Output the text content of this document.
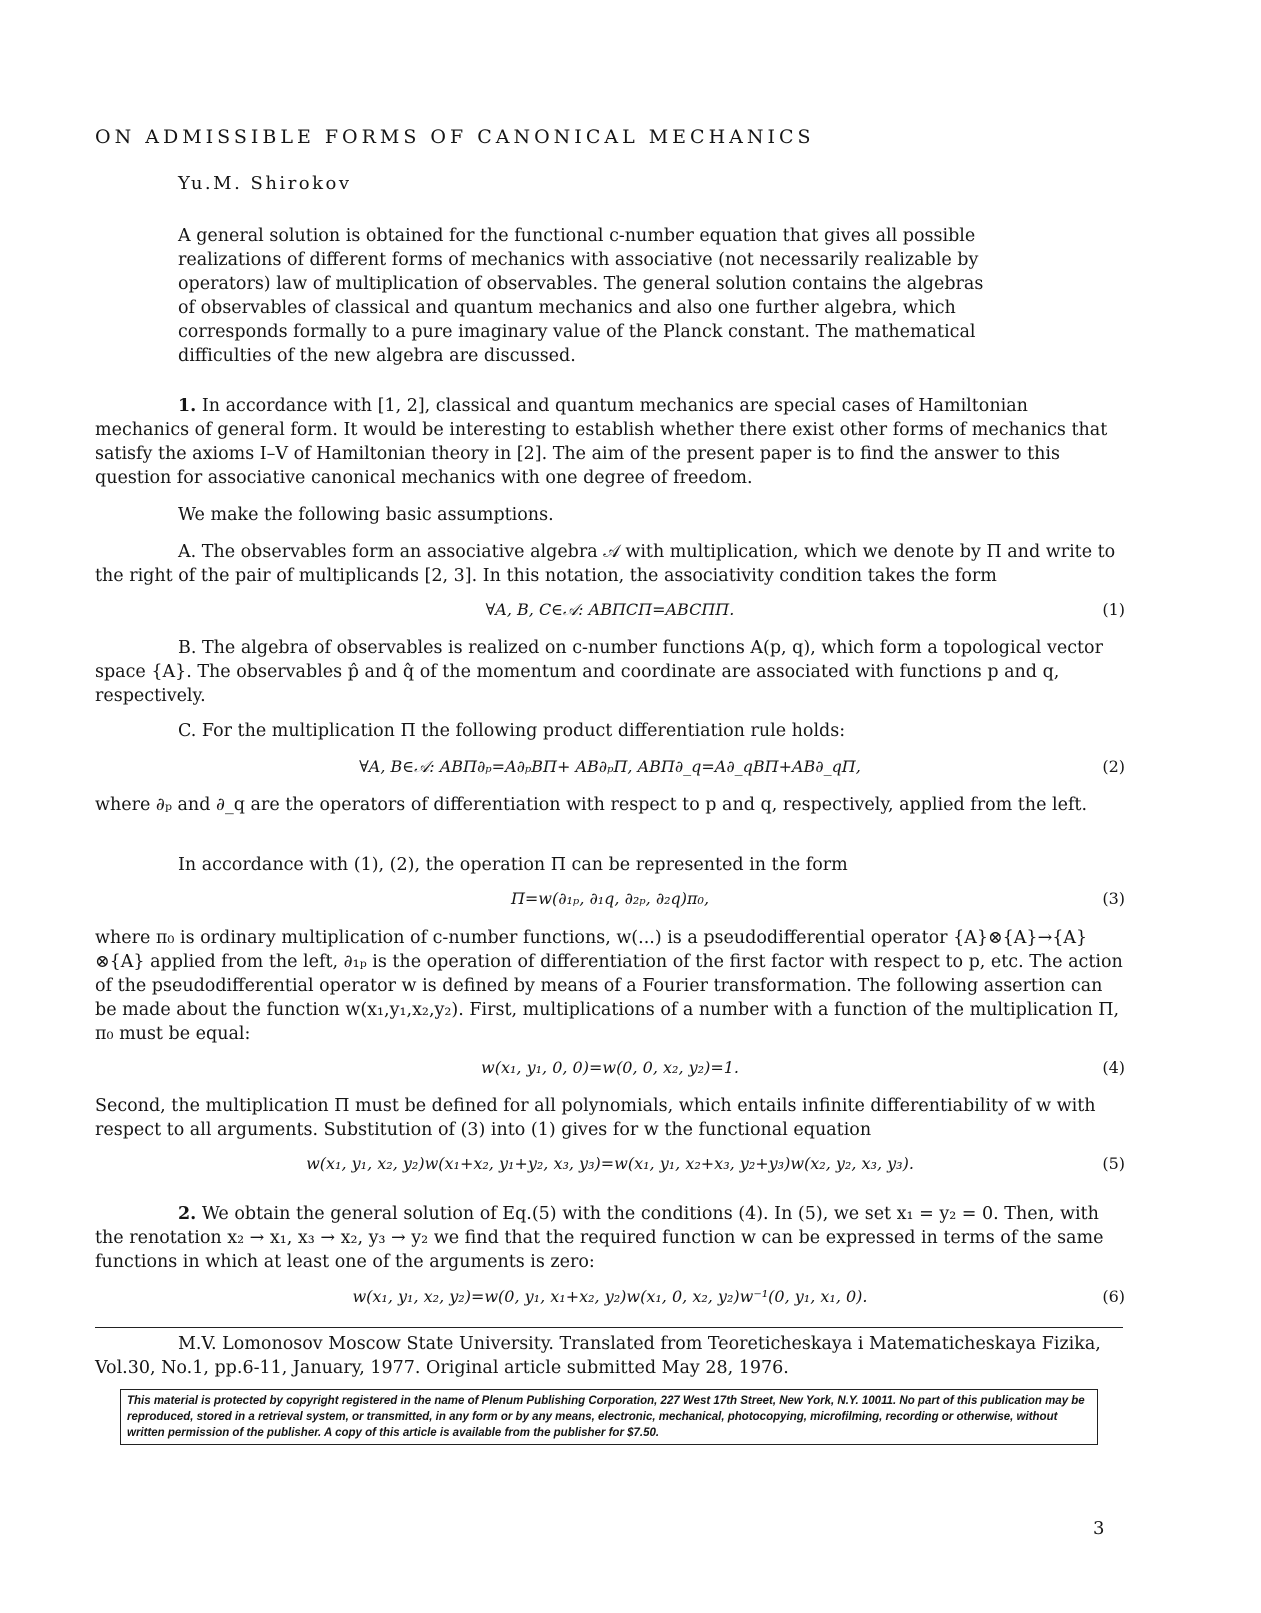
ON ADMISSIBLE FORMS OF CANONICAL MECHANICS
Yu.M. Shirokov
A general solution is obtained for the functional c-number equation that gives all possible realizations of different forms of mechanics with associative (not necessarily realizable by operators) law of multiplication of observables. The general solution contains the algebras of observables of classical and quantum mechanics and also one further algebra, which corresponds formally to a pure imaginary value of the Planck constant. The mathematical difficulties of the new algebra are discussed.
1. In accordance with [1, 2], classical and quantum mechanics are special cases of Hamiltonian mechanics of general form. It would be interesting to establish whether there exist other forms of mechanics that satisfy the axioms I–V of Hamiltonian theory in [2]. The aim of the present paper is to find the answer to this question for associative canonical mechanics with one degree of freedom.
We make the following basic assumptions.
A. The observables form an associative algebra 𝒜 with multiplication, which we denote by Π and write to the right of the pair of multiplicands [2, 3]. In this notation, the associativity condition takes the form
∀A, B, C∈𝒜: ABΠCΠ=ABCΠΠ.	(1)
B. The algebra of observables is realized on c-number functions A(p, q), which form a topological vector space {A}. The observables p̂ and q̂ of the momentum and coordinate are associated with functions p and q, respectively.
C. For the multiplication Π the following product differentiation rule holds:
∀A, B∈𝒜: ABΠ∂ₚ=A∂ₚBΠ+ AB∂ₚΠ, ABΠ∂_q=A∂_qBΠ+AB∂_qΠ,	(2)
where ∂ₚ and ∂_q are the operators of differentiation with respect to p and q, respectively, applied from the left.
In accordance with (1), (2), the operation Π can be represented in the form
Π=w(∂₁ₚ, ∂₁q, ∂₂ₚ, ∂₂q)π₀,	(3)
where π₀ is ordinary multiplication of c-number functions, w(...) is a pseudodifferential operator {A}⊗{A}→{A}⊗{A} applied from the left, ∂₁ₚ is the operation of differentiation of the first factor with respect to p, etc. The action of the pseudodifferential operator w is defined by means of a Fourier transformation. The following assertion can be made about the function w(x₁,y₁,x₂,y₂). First, multiplications of a number with a function of the multiplication Π, π₀ must be equal:
w(x₁, y₁, 0, 0)=w(0, 0, x₂, y₂)=1.	(4)
Second, the multiplication Π must be defined for all polynomials, which entails infinite differentiability of w with respect to all arguments. Substitution of (3) into (1) gives for w the functional equation
w(x₁, y₁, x₂, y₂)w(x₁+x₂, y₁+y₂, x₃, y₃)=w(x₁, y₁, x₂+x₃, y₂+y₃)w(x₂, y₂, x₃, y₃).	(5)
2. We obtain the general solution of Eq.(5) with the conditions (4). In (5), we set x₁ = y₂ = 0. Then, with the renotation x₂ → x₁, x₃ → x₂, y₃ → y₂ we find that the required function w can be expressed in terms of the same functions in which at least one of the arguments is zero:
w(x₁, y₁, x₂, y₂)=w(0, y₁, x₁+x₂, y₂)w(x₁, 0, x₂, y₂)w⁻¹(0, y₁, x₁, 0).	(6)
M.V. Lomonosov Moscow State University. Translated from Teoreticheskaya i Matematicheskaya Fizika, Vol.30, No.1, pp.6-11, January, 1977. Original article submitted May 28, 1976.
This material is protected by copyright registered in the name of Plenum Publishing Corporation, 227 West 17th Street, New York, N.Y. 10011. No part of this publication may be reproduced, stored in a retrieval system, or transmitted, in any form or by any means, electronic, mechanical, photocopying, microfilming, recording or otherwise, without written permission of the publisher. A copy of this article is available from the publisher for $7.50.
3
